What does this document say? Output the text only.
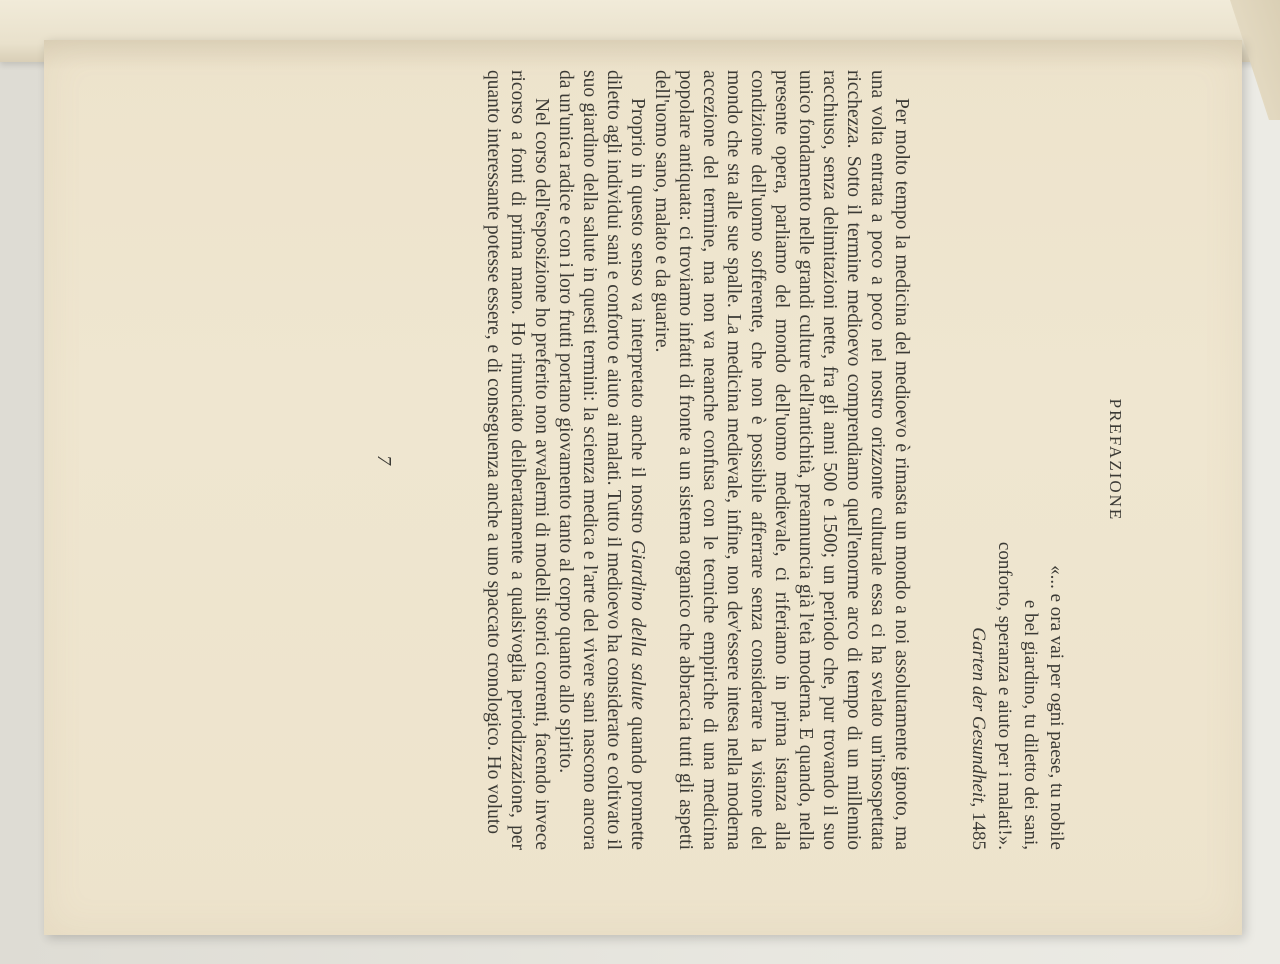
PREFAZIONE
«... e ora vai per ogni paese, tu nobile
e bel giardino, tu diletto dei sani,
conforto, speranza e aiuto per i malati!».
Garten der Gesundheit, 1485

Per molto tempo la medicina del medioevo è rimasta un mondo a noi assolutamente ignoto, ma una volta entrata a poco a poco nel nostro orizzonte culturale essa ci ha svelato un'insospettata ricchezza. Sotto il termine medioevo comprendiamo quell'enorme arco di tempo di un millennio racchiuso, senza delimitazioni nette, fra gli anni 500 e 1500; un periodo che, pur trovando il suo unico fondamento nelle grandi culture dell'antichità, preannuncia già l'età moderna. E quando, nella presente opera, parliamo del mondo dell'uomo medievale, ci riferiamo in prima istanza alla condizione dell'uomo sofferente, che non è possibile afferrare senza considerare la visione del mondo che sta alle sue spalle. La medicina medievale, infine, non dev'essere intesa nella moderna accezione del termine, ma non va neanche confusa con le tecniche empiriche di una medicina popolare antiquata: ci troviamo infatti di fronte a un sistema organico che abbraccia tutti gli aspetti dell'uomo sano, malato e da guarire.

Proprio in questo senso va interpretato anche il nostro Giardino della salute quando promette diletto agli individui sani e conforto e aiuto ai malati. Tutto il medioevo ha considerato e coltivato il suo giardino della salute in questi termini: la scienza medica e l'arte del vivere sani nascono ancora da un'unica radice e con i loro frutti portano giovamento tanto al corpo quanto allo spirito.

Nel corso dell'esposizione ho preferito non avvalermi di modelli storici correnti, facendo invece ricorso a fonti di prima mano. Ho rinunciato deliberatamente a qualsivoglia periodizzazione, per quanto interessante potesse essere, e di conseguenza anche a uno spaccato cronologico. Ho voluto

7
